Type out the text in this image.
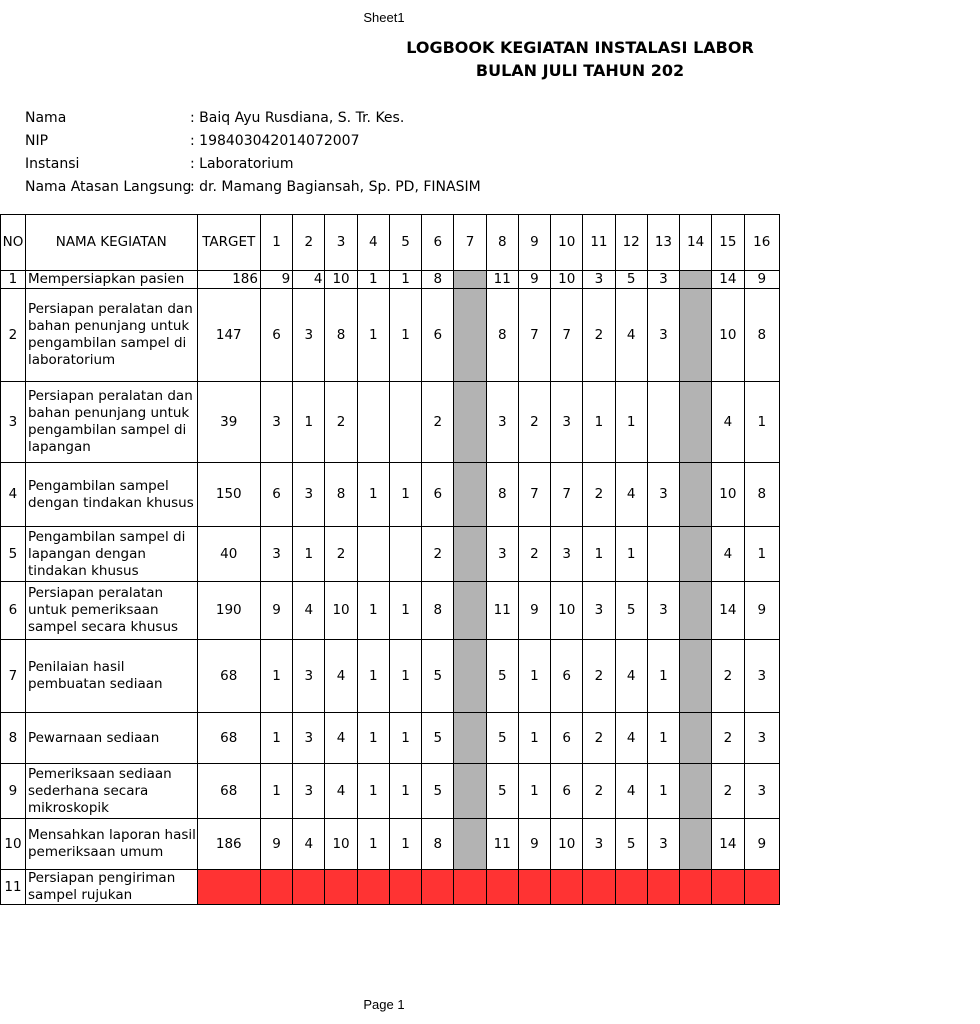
Sheet1
LOGBOOK KEGIATAN INSTALASI LABOR
BULAN JULI TAHUN 202
Nama	: Baiq Ayu Rusdiana, S. Tr. Kes.
NIP	: 198403042014072007
Instansi	: Laboratorium
Nama Atasan Langsung: dr. Mamang Bagiansah, Sp. PD, FINASIM
NO	NAMA KEGIATAN	TARGET	1	2	3	4	5	6	7	8	9	10	11	12	13	14	15	16
1	Mempersiapkan pasien	186	9	4	10	1	1	8		11	9	10	3	5	3		14	9
2	Persiapan peralatan dan bahan penunjang untuk pengambilan sampel di laboratorium	147	6	3	8	1	1	6		8	7	7	2	4	3		10	8
3	Persiapan peralatan dan bahan penunjang untuk pengambilan sampel di lapangan	39	3	1	2			2		3	2	3	1	1			4	1
4	Pengambilan sampel dengan tindakan khusus	150	6	3	8	1	1	6		8	7	7	2	4	3		10	8
5	Pengambilan sampel di lapangan dengan tindakan khusus	40	3	1	2			2		3	2	3	1	1			4	1
6	Persiapan peralatan untuk pemeriksaan sampel secara khusus	190	9	4	10	1	1	8		11	9	10	3	5	3		14	9
7	Penilaian hasil pembuatan sediaan	68	1	3	4	1	1	5		5	1	6	2	4	1		2	3
8	Pewarnaan sediaan	68	1	3	4	1	1	5		5	1	6	2	4	1		2	3
9	Pemeriksaan sediaan sederhana secara mikroskopik	68	1	3	4	1	1	5		5	1	6	2	4	1		2	3
10	Mensahkan laporan hasil pemeriksaan umum	186	9	4	10	1	1	8		11	9	10	3	5	3		14	9
11	Persiapan pengiriman sampel rujukan																	
Page 1
